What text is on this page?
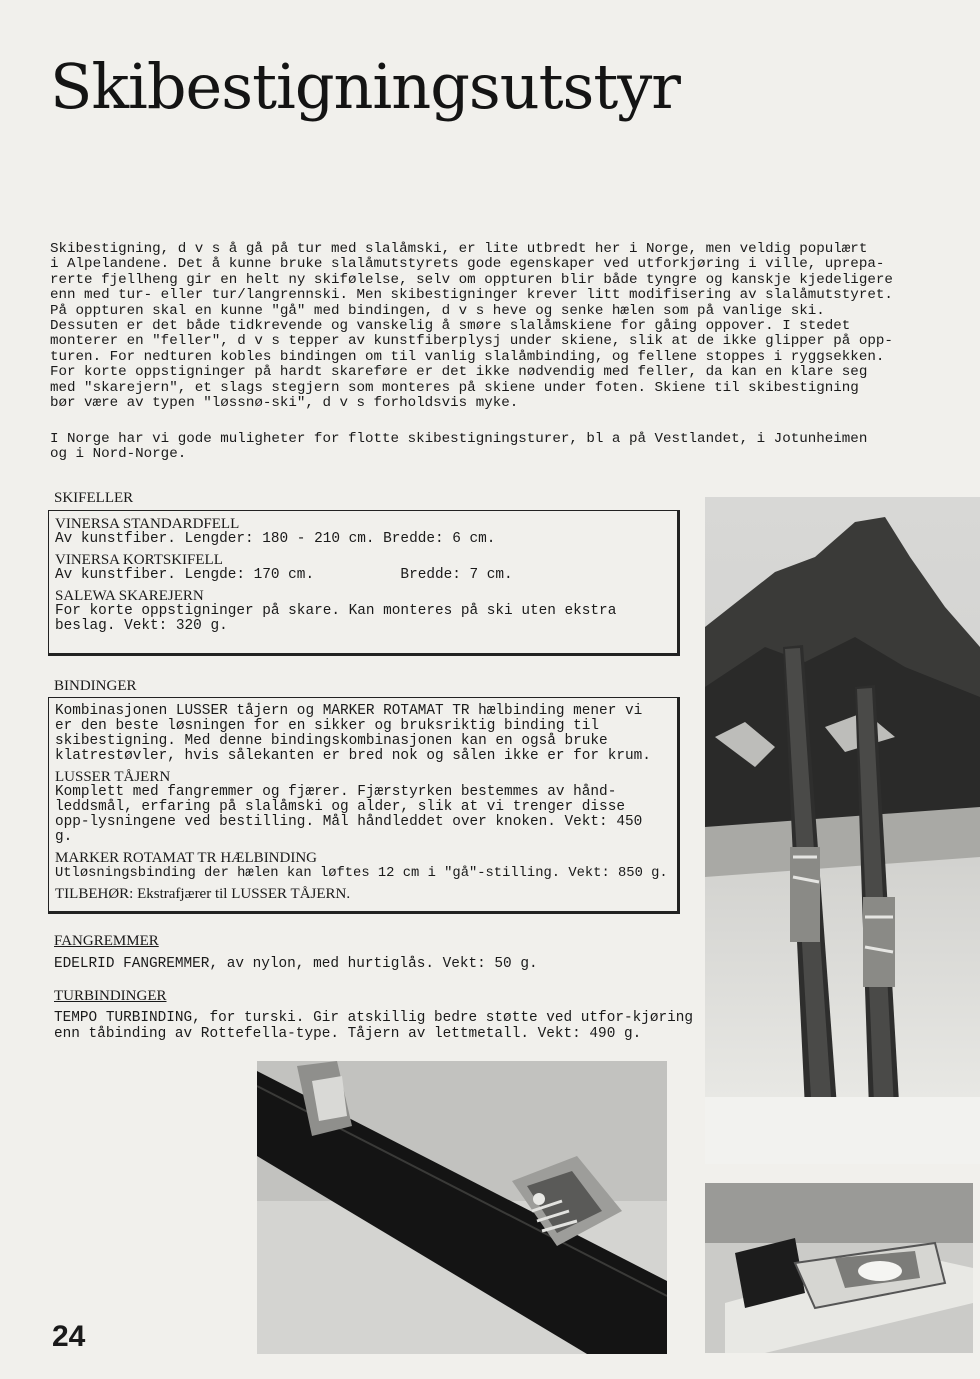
Skibestigningsutstyr

Skibestigning, d v s å gå på tur med slalåmski, er lite utbredt her i Norge, men veldig populært
i Alpelandene. Det å kunne bruke slalåmutstyrets gode egenskaper ved utforkjøring i ville, uprepa-
rerte fjellheng gir en helt ny skifølelse, selv om oppturen blir både tyngre og kanskje kjedeligere
enn med tur- eller tur/langrennski. Men skibestigninger krever litt modifisering av slalåmutstyret.
På oppturen skal en kunne "gå" med bindingen, d v s heve og senke hælen som på vanlige ski.
Dessuten er det både tidkrevende og vanskelig å smøre slalåmskiene for gåing oppover. I stedet
monterer en "feller", d v s tepper av kunstfiberplysj under skiene, slik at de ikke glipper på opp-
turen. For nedturen kobles bindingen om til vanlig slalåmbinding, og fellene stoppes i ryggsekken.
For korte oppstigninger på hardt skareføre er det ikke nødvendig med feller, da kan en klare seg
med "skarejern", et slags stegjern som monteres på skiene under foten. Skiene til skibestigning
bør være av typen "løssnø-ski", d v s forholdsvis myke.

I Norge har vi gode muligheter for flotte skibestigningsturer, bl a på Vestlandet, i Jotunheimen
og i Nord-Norge.

SKIFELLER

VINERSA STANDARDFELL

Av kunstfiber. Lengder: 180 - 210 cm. Bredde: 6 cm.

VINERSA KORTSKIFELL

Av kunstfiber. Lengde: 170 cm.          Bredde: 7 cm.

SALEWA SKAREJERN

For korte oppstigninger på skare. Kan monteres på ski uten ekstra beslag. Vekt: 320 g.

BINDINGER

Kombinasjonen LUSSER tåjern og MARKER ROTAMAT TR hælbinding mener vi er den beste løsningen for en sikker og bruksriktig binding til skibestigning. Med denne bindingskombinasjonen kan en også bruke klatrestøvler, hvis sålekanten er bred nok og sålen ikke er for krum.

LUSSER TÅJERN

Komplett med fangremmer og fjærer. Fjærstyrken bestemmes av hånd-leddsmål, erfaring på slalåmski og alder, slik at vi trenger disse opp-lysningene ved bestilling. Mål håndleddet over knoken. Vekt: 450 g.

MARKER ROTAMAT TR HÆLBINDING

Utløsningsbinding der hælen kan løftes 12 cm i "gå"-stilling. Vekt: 850 g.

TILBEHØR: Ekstrafjærer til LUSSER TÅJERN.

FANGREMMER

EDELRID FANGREMMER, av nylon, med hurtiglås. Vekt: 50 g.

TURBINDINGER

TEMPO TURBINDING, for turski. Gir atskillig bedre støtte ved utfor-kjøring enn tåbinding av Rottefella-type. Tåjern av lettmetall. Vekt: 490 g.

24
